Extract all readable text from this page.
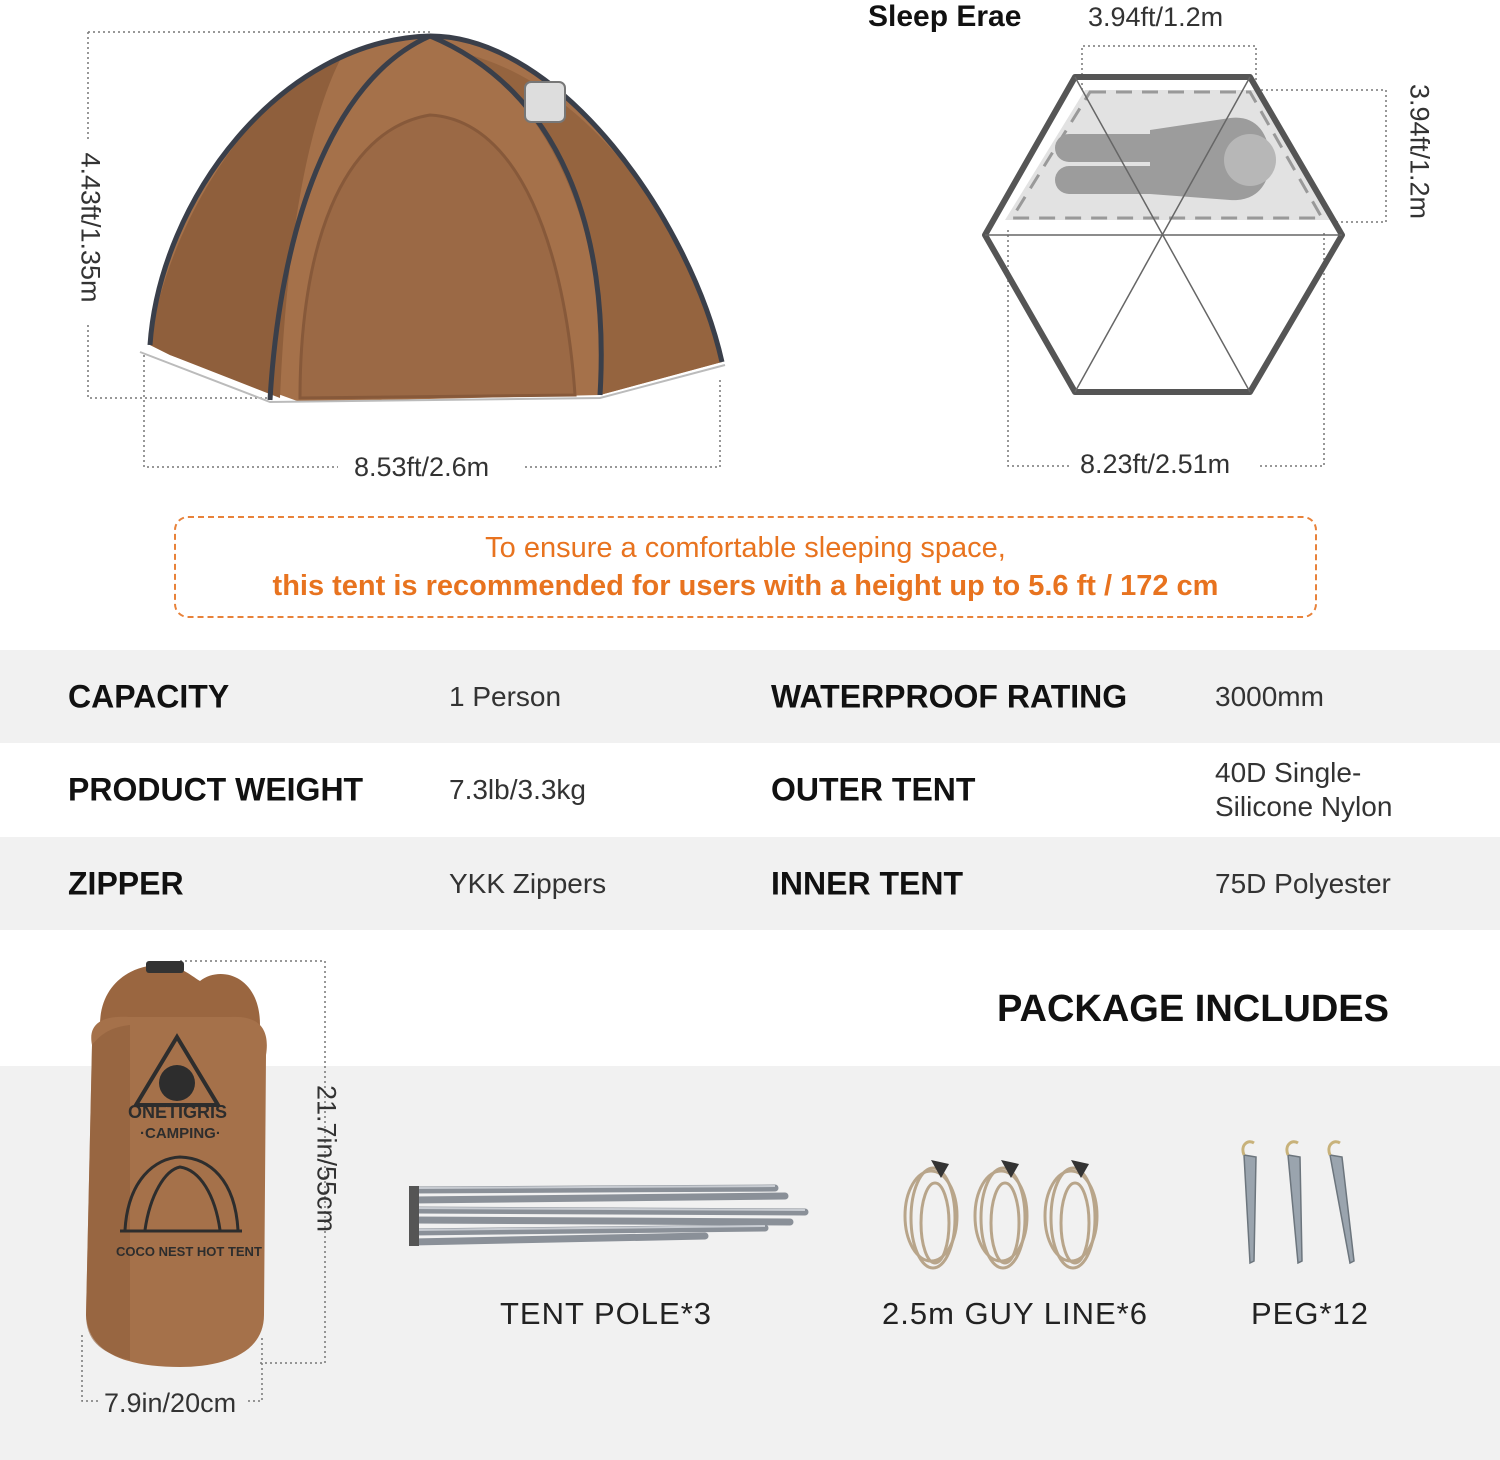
4.43ft/1.35m
8.53ft/2.6m
Sleep Erae 3.94ft/1.2m
3.94ft/1.2m
8.23ft/2.51m
To ensure a comfortable sleeping space,
this tent is recommended for users with a height up to 5.6 ft / 172 cm
CAPACITY	1 Person	WATERPROOF RATING	3000mm
PRODUCT WEIGHT	7.3lb/3.3kg	OUTER TENT	40D Single-
Silicone Nylon
ZIPPER	YKK Zippers	INNER TENT	75D Polyester
PACKAGE INCLUDES
ONETIGRIS
·CAMPING·
COCO NEST HOT TENT
21.7in/55cm
7.9in/20cm
TENT POLE*3	2.5m GUY LINE*6	PEG*12
